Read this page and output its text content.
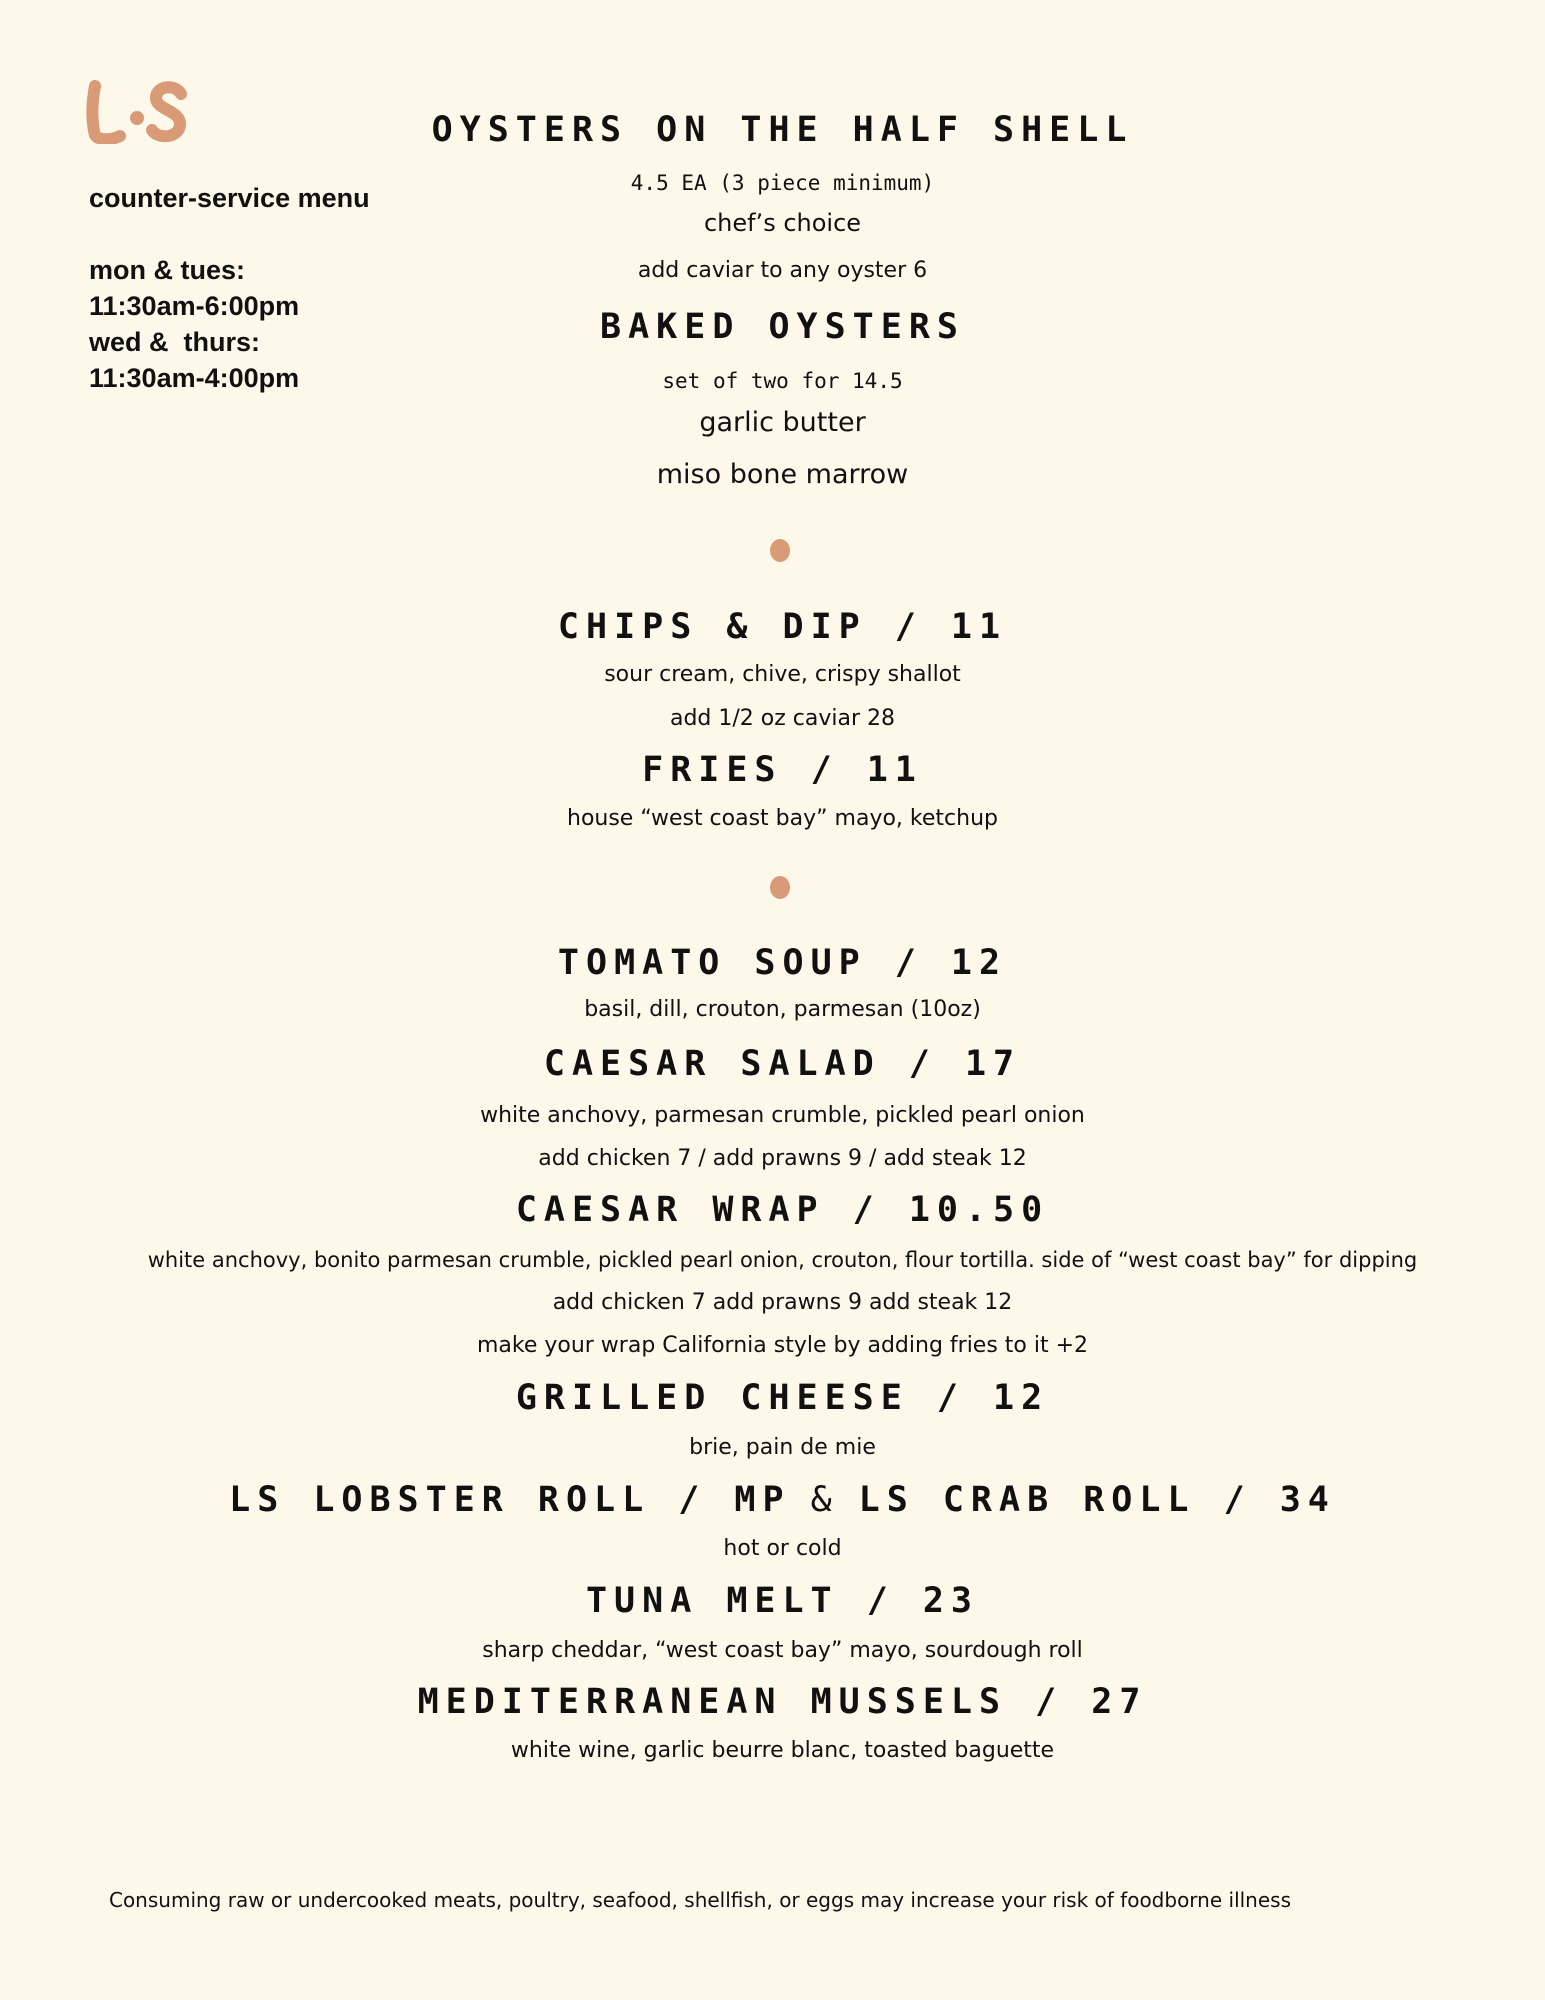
counter-service menu
mon & tues:
11:30am-6:00pm
wed &  thurs:
11:30am-4:00pm
OYSTERS ON THE HALF SHELL
4.5 EA (3 piece minimum)
chef’s choice
add caviar to any oyster 6
BAKED OYSTERS
set of two for 14.5
garlic butter
miso bone marrow
CHIPS & DIP / 11
sour cream, chive, crispy shallot
add 1/2 oz caviar 28
FRIES / 11
house “west coast bay” mayo, ketchup
TOMATO SOUP / 12
basil, dill, crouton, parmesan (10oz)
CAESAR SALAD / 17
white anchovy, parmesan crumble, pickled pearl onion
add chicken 7 / add prawns 9 / add steak 12
CAESAR WRAP / 10.50
white anchovy, bonito parmesan crumble, pickled pearl onion, crouton, flour tortilla. side of “west coast bay” for dipping
add chicken 7 add prawns 9 add steak 12
make your wrap California style by adding fries to it +2
GRILLED CHEESE / 12
brie, pain de mie
LS LOBSTER ROLL / MP & LS CRAB ROLL / 34
hot or cold
TUNA MELT / 23
sharp cheddar, “west coast bay” mayo, sourdough roll
MEDITERRANEAN MUSSELS / 27
white wine, garlic beurre blanc, toasted baguette
Consuming raw or undercooked meats, poultry, seafood, shellfish, or eggs may increase your risk of foodborne illness
